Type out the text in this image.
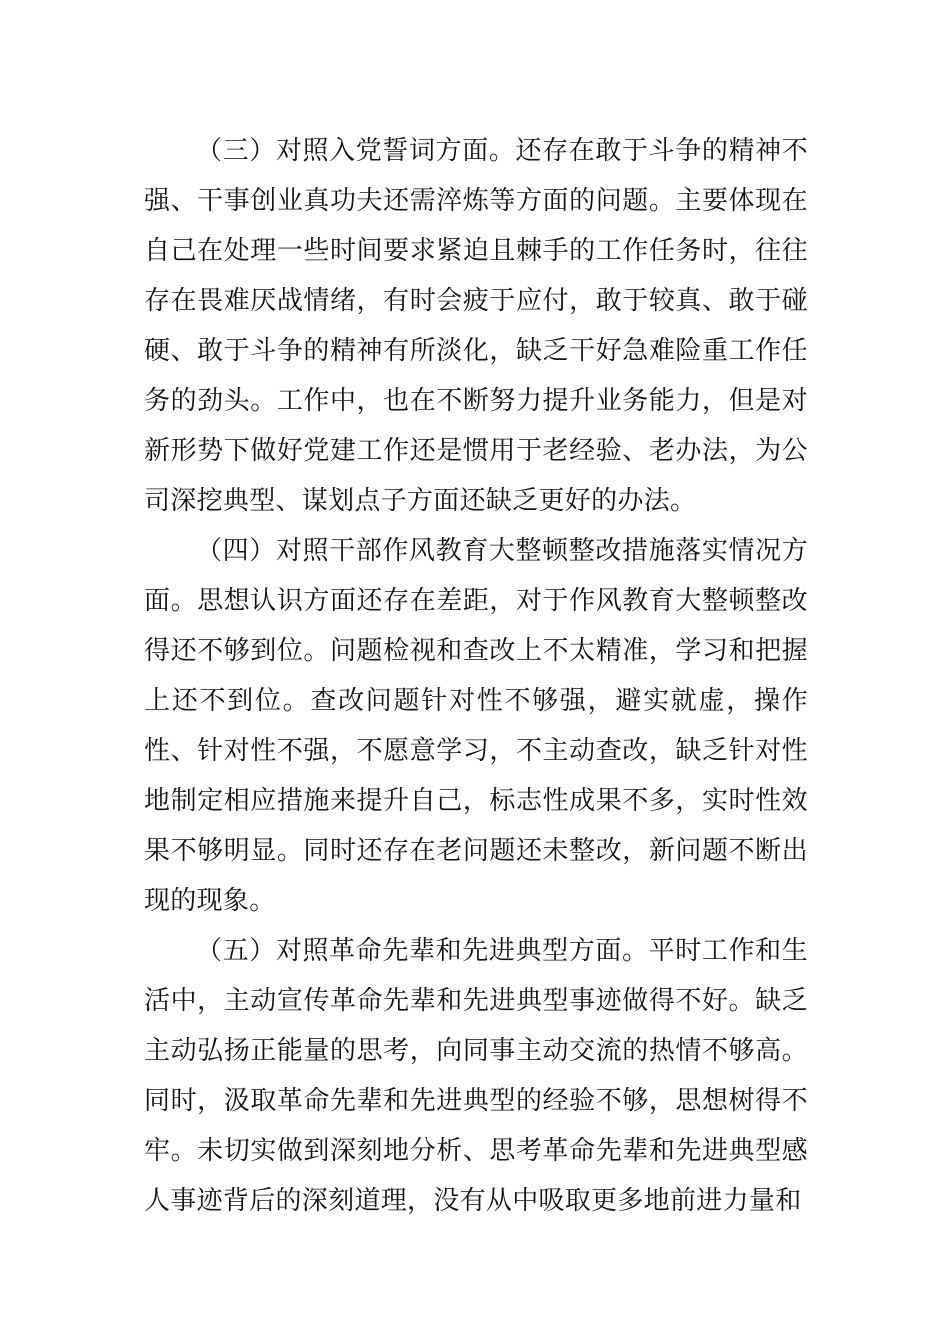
（三）对照入党誓词方面。还存在敢于斗争的精神不强、干事创业真功夫还需淬炼等方面的问题。主要体现在自己在处理一些时间要求紧迫且棘手的工作任务时，往往存在畏难厌战情绪，有时会疲于应付，敢于较真、敢于碰硬、敢于斗争的精神有所淡化，缺乏干好急难险重工作任务的劲头。工作中，也在不断努力提升业务能力，但是对新形势下做好党建工作还是惯用于老经验、老办法，为公司深挖典型、谋划点子方面还缺乏更好的办法。

（四）对照干部作风教育大整顿整改措施落实情况方面。思想认识方面还存在差距，对于作风教育大整顿整改得还不够到位。问题检视和查改上不太精准，学习和把握上还不到位。查改问题针对性不够强，避实就虚，操作性、针对性不强，不愿意学习，不主动查改，缺乏针对性地制定相应措施来提升自己，标志性成果不多，实时性效果不够明显。同时还存在老问题还未整改，新问题不断出现的现象。

（五）对照革命先辈和先进典型方面。平时工作和生活中，主动宣传革命先辈和先进典型事迹做得不好。缺乏主动弘扬正能量的思考，向同事主动交流的热情不够高。同时，汲取革命先辈和先进典型的经验不够，思想树得不牢。未切实做到深刻地分析、思考革命先辈和先进典型感人事迹背后的深刻道理，没有从中吸取更多地前进力量和
